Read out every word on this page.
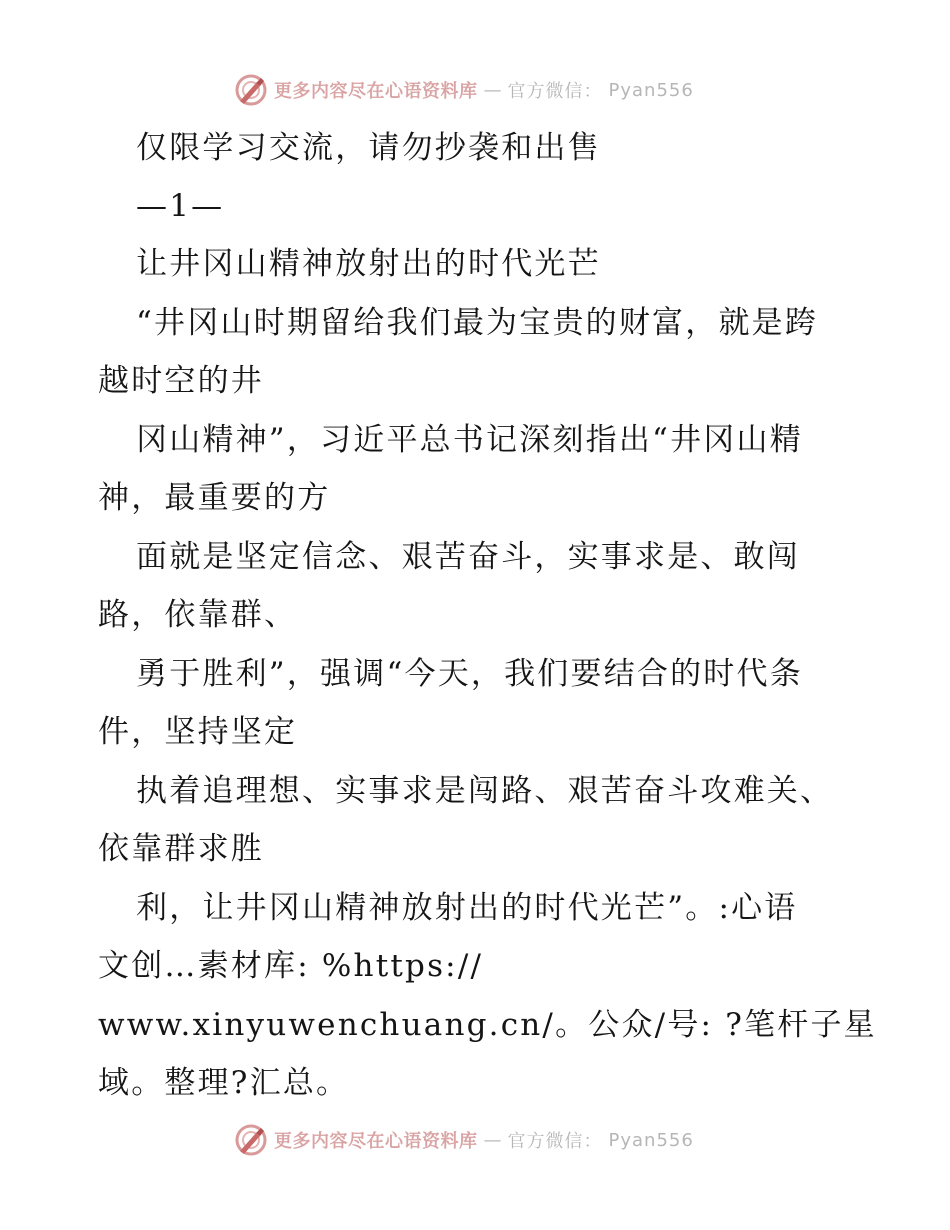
更多内容尽在心语资料库 — 官方微信： Pyan556
仅限学习交流，请勿抄袭和出售
—1—
让井冈山精神放射出的时代光芒
“井冈山时期留给我们最为宝贵的财富，就是跨
越时空的井
冈山精神”，习近平总书记深刻指出“井冈山精
神，最重要的方
面就是坚定信念、艰苦奋斗，实事求是、敢闯
路，依靠群、
勇于胜利”，强调“今天，我们要结合的时代条
件，坚持坚定
执着追理想、实事求是闯路、艰苦奋斗攻难关、
依靠群求胜
利，让井冈山精神放射出的时代光芒”。:心语
文创…素材库: %https://
www.xinyuwenchuang.cn/。公众/号: ?笔杆子星
域。整理?汇总。
更多内容尽在心语资料库 — 官方微信： Pyan556
